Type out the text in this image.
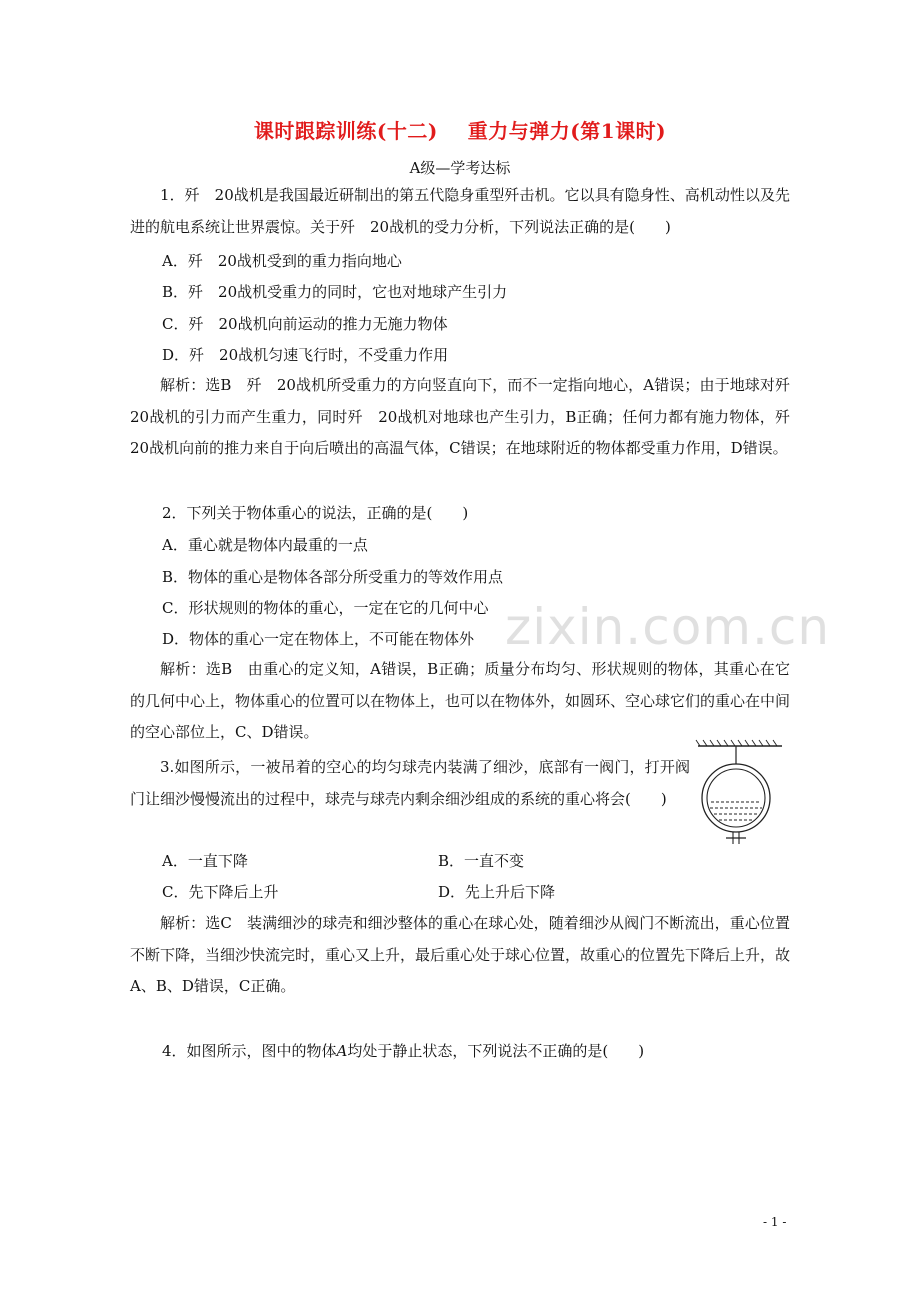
课时跟踪训练(十二) 重力与弹力(第1课时)
A级—学考达标
1．歼　20战机是我国最近研制出的第五代隐身重型歼击机。它以具有隐身性、高机动性以及先进的航电系统让世界震惊。关于歼　20战机的受力分析，下列说法正确的是(　　)
A．歼　20战机受到的重力指向地心
B．歼　20战机受重力的同时，它也对地球产生引力
C．歼　20战机向前运动的推力无施力物体
D．歼　20战机匀速飞行时，不受重力作用
解析：选B　歼　20战机所受重力的方向竖直向下，而不一定指向地心，A错误；由于地球对歼　20战机的引力而产生重力，同时歼　20战机对地球也产生引力，B正确；任何力都有施力物体，歼　20战机向前的推力来自于向后喷出的高温气体，C错误；在地球附近的物体都受重力作用，D错误。
2．下列关于物体重心的说法，正确的是(　　)
A．重心就是物体内最重的一点
B．物体的重心是物体各部分所受重力的等效作用点
C．形状规则的物体的重心，一定在它的几何中心
D．物体的重心一定在物体上，不可能在物体外
解析：选B　由重心的定义知，A错误，B正确；质量分布均匀、形状规则的物体，其重心在它的几何中心上，物体重心的位置可以在物体上，也可以在物体外，如圆环、空心球它们的重心在中间的空心部位上，C、D错误。
zixin.com.cn
3.如图所示，一被吊着的空心的均匀球壳内装满了细沙，底部有一阀门，打开阀门让细沙慢慢流出的过程中，球壳与球壳内剩余细沙组成的系统的重心将会(　　)
A．一直下降	B．一直不变
C．先下降后上升	D．先上升后下降
解析：选C　装满细沙的球壳和细沙整体的重心在球心处，随着细沙从阀门不断流出，重心位置不断下降，当细沙快流完时，重心又上升，最后重心处于球心位置，故重心的位置先下降后上升，故A、B、D错误，C正确。
4．如图所示，图中的物体A均处于静止状态，下列说法不正确的是(　　)
- 1 -
